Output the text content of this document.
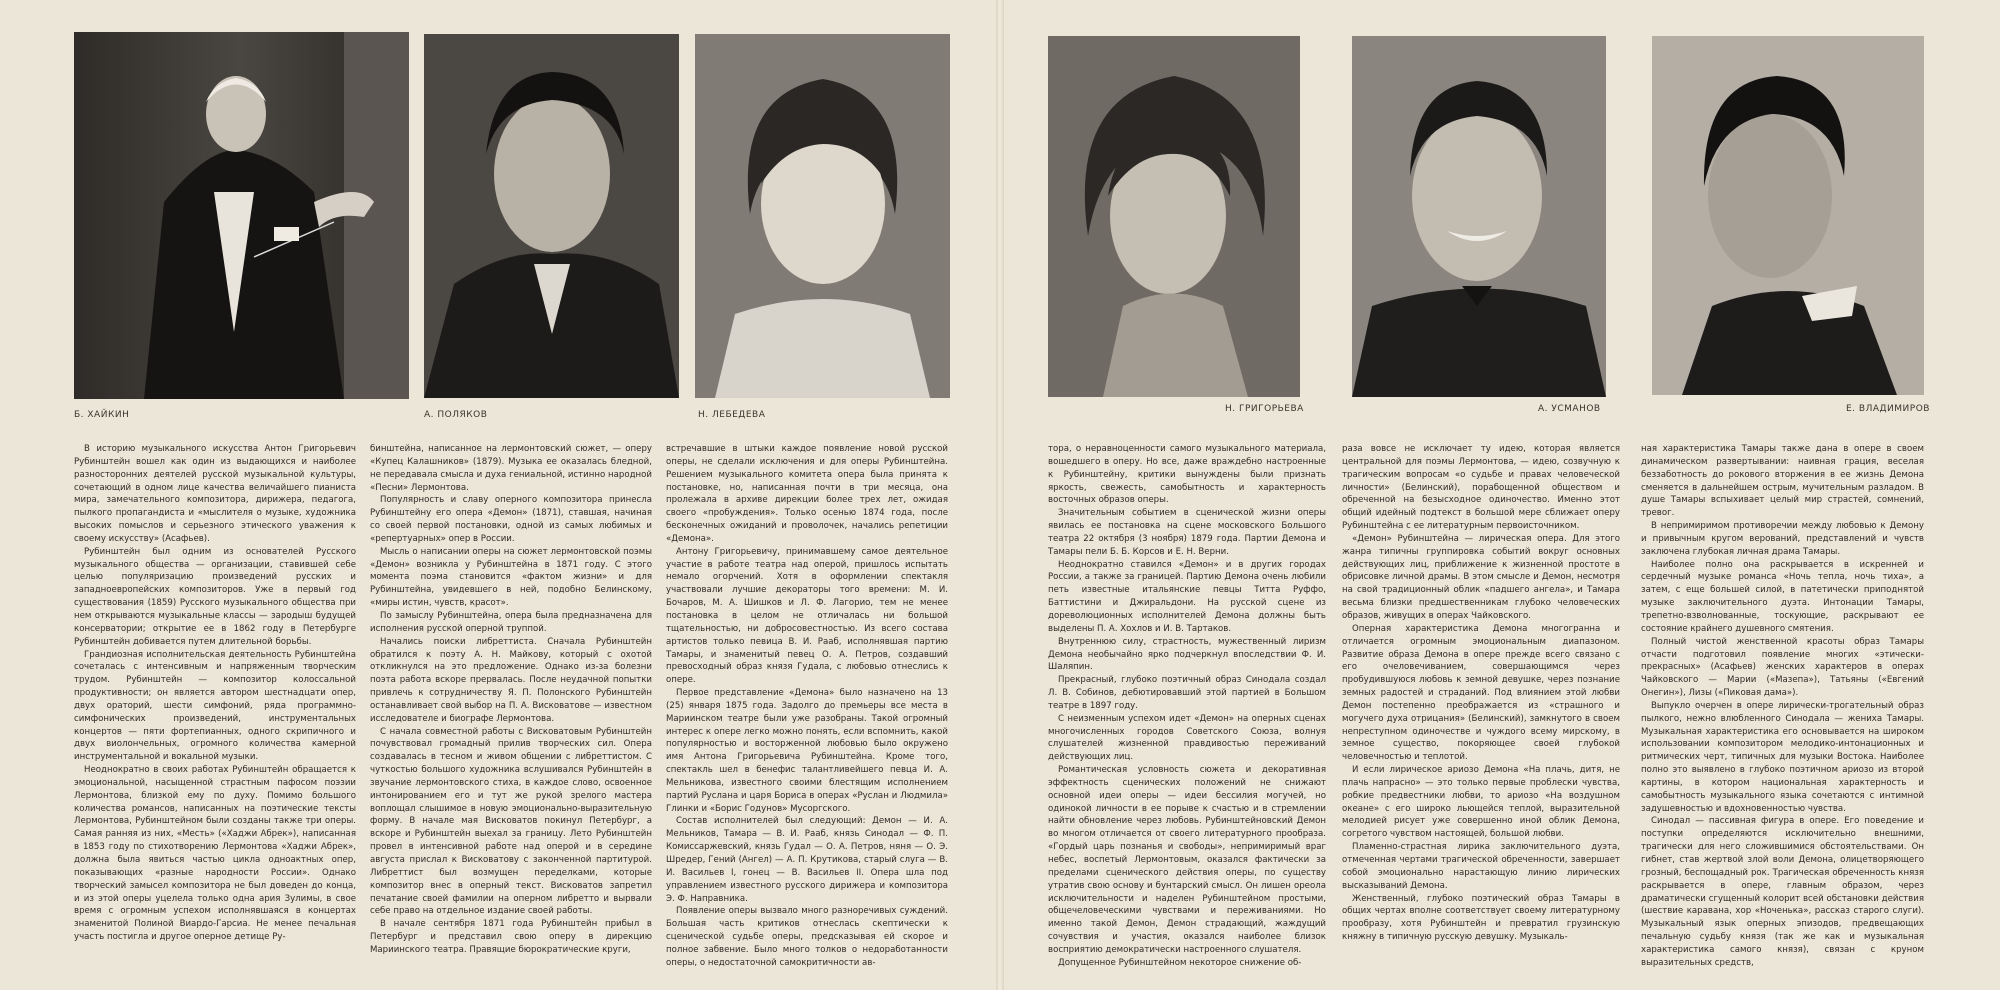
Б. ХАЙКИН	А. ПОЛЯКОВ	Н. ЛЕБЕДЕВА

В историю музыкального искусства Антон Григорьевич Рубинштейн вошел как один из выдающихся и наиболее разносторонних деятелей русской музыкальной культуры, сочетающий в одном лице качества величайшего пианиста мира, замечательного композитора, дирижера, педагога, пылкого пропагандиста и «мыслителя о музыке, художника высоких помыслов и серьезного этического уважения к своему искусству» (Асафьев).

Рубинштейн был одним из основателей Русского музыкального общества — организации, ставившей себе целью популяризацию произведений русских и западноевропейских композиторов. Уже в первый год существования (1859) Русского музыкального общества при нем открываются музыкальные классы — зародыш будущей консерватории; открытие ее в 1862 году в Петербурге Рубинштейн добивается путем длительной борьбы.

Грандиозная исполнительская деятельность Рубинштейна сочеталась с интенсивным и напряженным творческим трудом. Рубинштейн — композитор колоссальной продуктивности; он является автором шестнадцати опер, двух ораторий, шести симфоний, ряда программно-симфонических произведений, инструментальных концертов — пяти фортепианных, одного скрипичного и двух виолончельных, огромного количества камерной инструментальной и вокальной музыки.

Неоднократно в своих работах Рубинштейн обращается к эмоциональной, насыщенной страстным пафосом поэзии Лермонтова, близкой ему по духу. Помимо большого количества романсов, написанных на поэтические тексты Лермонтова, Рубинштейном были созданы также три оперы. Самая ранняя из них, «Месть» («Хаджи Абрек»), написанная в 1853 году по стихотворению Лермонтова «Хаджи Абрек», должна была явиться частью цикла одноактных опер, показывающих «разные народности России». Однако творческий замысел композитора не был доведен до конца, и из этой оперы уцелела только одна ария Зулимы, в свое время с огромным успехом исполнявшаяся в концертах знаменитой Полиной Виардо-Гарсиа. Не менее печальная участь постигла и другое оперное детище Ру-

бинштейна, написанное на лермонтовский сюжет, — оперу «Купец Калашников» (1879). Музыка ее оказалась бледной, не передавала смысла и духа гениальной, истинно народной «Песни» Лермонтова.

Популярность и славу оперного композитора принесла Рубинштейну его опера «Демон» (1871), ставшая, начиная со своей первой постановки, одной из самых любимых и «репертуарных» опер в России.

Мысль о написании оперы на сюжет лермонтовской поэмы «Демон» возникла у Рубинштейна в 1871 году. С этого момента поэма становится «фактом жизни» и для Рубинштейна, увидевшего в ней, подобно Белинскому, «миры истин, чувств, красот».

По замыслу Рубинштейна, опера была предназначена для исполнения русской оперной труппой.

Начались поиски либреттиста. Сначала Рубинштейн обратился к поэту А. Н. Майкову, который с охотой откликнулся на это предложение. Однако из-за болезни поэта работа вскоре прервалась. После неудачной попытки привлечь к сотрудничеству Я. П. Полонского Рубинштейн останавливает свой выбор на П. А. Висковатове — известном исследователе и биографе Лермонтова.

С начала совместной работы с Висковатовым Рубинштейн почувствовал громадный прилив творческих сил. Опера создавалась в тесном и живом общении с либреттистом. С чуткостью большого художника вслушивался Рубинштейн в звучание лермонтовского стиха, в каждое слово, освоенное интонированием его и тут же рукой зрелого мастера воплощал слышимое в новую эмоционально-выразительную форму. В начале мая Висковатов покинул Петербург, а вскоре и Рубинштейн выехал за границу. Лето Рубинштейн провел в интенсивной работе над оперой и в середине августа прислал к Висковатову с законченной партитурой. Либреттист был возмущен переделками, которые композитор внес в оперный текст. Висковатов запретил печатание своей фамилии на оперном либретто и вырвали себе право на отдельное издание своей работы.

В начале сентября 1871 года Рубинштейн прибыл в Петербург и представил свою оперу в дирекцию Мариинского театра. Правящие бюрократические круги,

встречавшие в штыки каждое появление новой русской оперы, не сделали исключения и для оперы Рубинштейна. Решением музыкального комитета опера была принята к постановке, но, написанная почти в три месяца, она пролежала в архиве дирекции более трех лет, ожидая своего «пробуждения». Только осенью 1874 года, после бесконечных ожиданий и проволочек, начались репетиции «Демона».

Антону Григорьевичу, принимавшему самое деятельное участие в работе театра над оперой, пришлось испытать немало огорчений. Хотя в оформлении спектакля участвовали лучшие декораторы того времени: М. И. Бочаров, М. А. Шишков и Л. Ф. Лагорио, тем не менее постановка в целом не отличалась ни большой тщательностью, ни добросовестностью. Из всего состава артистов только певица В. И. Рааб, исполнявшая партию Тамары, и знаменитый певец О. А. Петров, создавший превосходный образ князя Гудала, с любовью отнеслись к опере.

Первое представление «Демона» было назначено на 13 (25) января 1875 года. Задолго до премьеры все места в Мариинском театре были уже разобраны. Такой огромный интерес к опере легко можно понять, если вспомнить, какой популярностью и восторженной любовью было окружено имя Антона Григорьевича Рубинштейна. Кроме того, спектакль шел в бенефис талантливейшего певца И. А. Мельникова, известного своими блестящим исполнением партий Руслана и царя Бориса в операх «Руслан и Людмила» Глинки и «Борис Годунов» Мусоргского.

Состав исполнителей был следующий: Демон — И. А. Мельников, Тамара — В. И. Рааб, князь Синодал — Ф. П. Комиссаржевский, князь Гудал — О. А. Петров, няня — О. Э. Шредер, Гений (Ангел) — А. П. Крутикова, старый слуга — В. И. Васильев I, гонец — В. Васильев II. Опера шла под управлением известного русского дирижера и композитора Э. Ф. Направника.

Появление оперы вызвало много разноречивых суждений. Большая часть критиков отнеслась скептически к сценической судьбе оперы, предсказывая ей скорое и полное забвение. Было много толков о недоработанности оперы, о недостаточной самокритичности ав-

Н. ГРИГОРЬЕВА	А. УСМАНОВ	Е. ВЛАДИМИРОВ

тора, о неравноценности самого музыкального материала, вошедшего в оперу. Но все, даже враждебно настроенные к Рубинштейну, критики вынуждены были признать яркость, свежесть, самобытность и характерность восточных образов оперы.

Значительным событием в сценической жизни оперы явилась ее постановка на сцене московского Большого театра 22 октября (3 ноября) 1879 года. Партии Демона и Тамары пели Б. Б. Корсов и Е. Н. Верни.

Неоднократно ставился «Демон» и в других городах России, а также за границей. Партию Демона очень любили петь известные итальянские певцы Титта Руффо, Баттистини и Джиральдони. На русской сцене из дореволюционных исполнителей Демона должны быть выделены П. А. Хохлов и И. В. Тартаков.

Внутреннюю силу, страстность, мужественный лиризм Демона необычайно ярко подчеркнул впоследствии Ф. И. Шаляпин.

Прекрасный, глубоко поэтичный образ Синодала создал Л. В. Собинов, дебютировавший этой партией в Большом театре в 1897 году.

С неизменным успехом идет «Демон» на оперных сценах многочисленных городов Советского Союза, волнуя слушателей жизненной правдивостью переживаний действующих лиц.

Романтическая условность сюжета и декоративная эффектность сценических положений не снижают основной идеи оперы — идеи бессилия могучей, но одинокой личности в ее порыве к счастью и в стремлении найти обновление через любовь. Рубинштейновский Демон во многом отличается от своего литературного прообраза. «Гордый царь познанья и свободы», непримиримый враг небес, воспетый Лермонтовым, оказался фактически за пределами сценического действия оперы, по существу утратив свою основу и бунтарский смысл. Он лишен ореола исключительности и наделен Рубинштейном простыми, общечеловеческими чувствами и переживаниями. Но именно такой Демон, Демон страдающий, жаждущий сочувствия и участия, оказался наиболее близок восприятию демократически настроенного слушателя.

Допущенное Рубинштейном некоторое снижение об-

раза вовсе не исключает ту идею, которая является центральной для поэмы Лермонтова, — идею, созвучную к трагическим вопросам «о судьбе и правах человеческой личности» (Белинский), порабощенной обществом и обреченной на безысходное одиночество. Именно этот общий идейный подтекст в большой мере сближает оперу Рубинштейна с ее литературным первоисточником.

«Демон» Рубинштейна — лирическая опера. Для этого жанра типичны группировка событий вокруг основных действующих лиц, приближение к жизненной простоте в обрисовке личной драмы. В этом смысле и Демон, несмотря на свой традиционный облик «падшего ангела», и Тамара весьма близки предшественникам глубоко человеческих образов, живущих в операх Чайковского.

Оперная характеристика Демона многогранна и отличается огромным эмоциональным диапазоном. Развитие образа Демона в опере прежде всего связано с его очеловечиванием, совершающимся через пробудившуюся любовь к земной девушке, через познание земных радостей и страданий. Под влиянием этой любви Демон постепенно преображается из «страшного и могучего духа отрицания» (Белинский), замкнутого в своем непреступном одиночестве и чуждого всему мирскому, в земное существо, покоряющее своей глубокой человечностью и теплотой.

И если лирическое ариозо Демона «На плачь, дитя, не плачь напрасно» — это только первые проблески чувства, робкие предвестники любви, то ариозо «На воздушном океане» с его широко льющейся теплой, выразительной мелодией рисует уже совершенно иной облик Демона, согретого чувством настоящей, большой любви.

Пламенно-страстная лирика заключительного дуэта, отмеченная чертами трагической обреченности, завершает собой эмоционально нарастающую линию лирических высказываний Демона.

Женственный, глубоко поэтический образ Тамары в общих чертах вполне соответствует своему литературному прообразу, хотя Рубинштейн и превратил грузинскую княжну в типичную русскую девушку. Музыкаль-

ная характеристика Тамары также дана в опере в своем динамическом развертывании: наивная грация, веселая беззаботность до рокового вторжения в ее жизнь Демона сменяется в дальнейшем острым, мучительным разладом. В душе Тамары вспыхивает целый мир страстей, сомнений, тревог.

В непримиримом противоречии между любовью к Демону и привычным кругом верований, представлений и чувств заключена глубокая личная драма Тамары.

Наиболее полно она раскрывается в искренней и сердечный музыке романса «Ночь тепла, ночь тиха», а затем, с еще большей силой, в патетически приподнятой музыке заключительного дуэта. Интонации Тамары, трепетно-взволнованные, тоскующие, раскрывают ее состояние крайнего душевного смятения.

Полный чистой женственной красоты образ Тамары отчасти подготовил появление многих «этически-прекрасных» (Асафьев) женских характеров в операх Чайковского — Марии («Мазепа»), Татьяны («Евгений Онегин»), Лизы («Пиковая дама»).

Выпукло очерчен в опере лирически-трогательный образ пылкого, нежно влюбленного Синодала — жениха Тамары. Музыкальная характеристика его основывается на широком использовании композитором мелодико-интонационных и ритмических черт, типичных для музыки Востока. Наиболее полно это выявлено в глубоко поэтичном ариозо из второй картины, в котором национальная характерность и самобытность музыкального языка сочетаются с интимной задушевностью и вдохновенностью чувства.

Синодал — пассивная фигура в опере. Его поведение и поступки определяются исключительно внешними, трагически для него сложившимися обстоятельствами. Он гибнет, став жертвой злой воли Демона, олицетворяющего грозный, беспощадный рок. Трагическая обреченность князя раскрывается в опере, главным образом, через драматически сгущенный колорит всей обстановки действия (шествие каравана, хор «Ноченька», рассказ старого слуги). Музыкальный язык оперных эпизодов, предвещающих печальную судьбу князя (так же как и музыкальная характеристика самого князя), связан с круном выразительных средств,
